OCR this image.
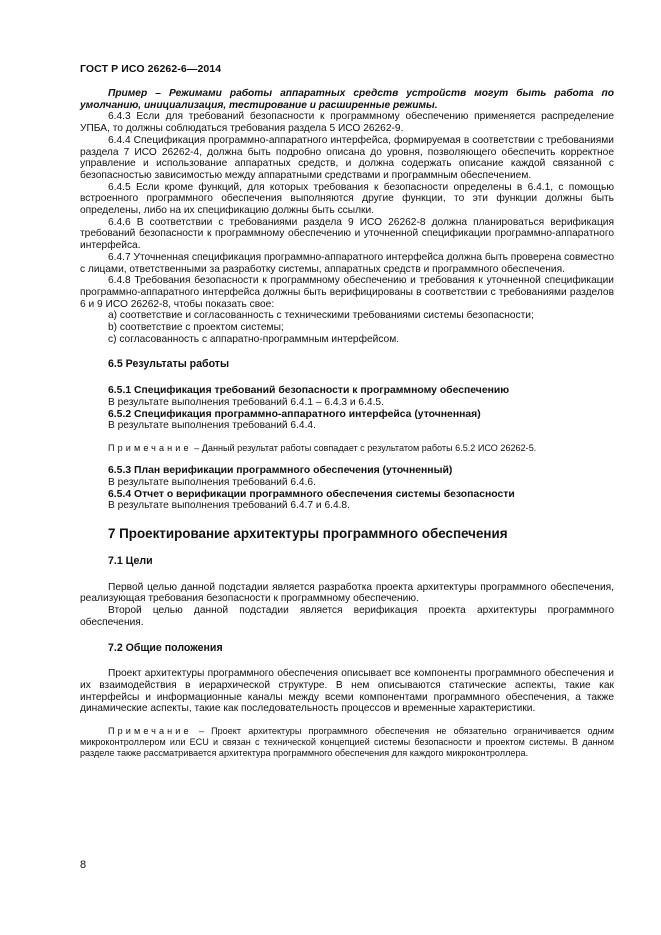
ГОСТ Р ИСО 26262-6—2014

Пример – Режимами работы аппаратных средств устройств могут быть работа по умолчанию, инициализация, тестирование и расширенные режимы.

6.4.3 Если для требований безопасности к программному обеспечению применяется распределение УПБА, то должны соблюдаться требования раздела 5 ИСО 26262-9.

6.4.4 Спецификация программно-аппаратного интерфейса, формируемая в соответствии с требованиями раздела 7 ИСО 26262-4, должна быть подробно описана до уровня, позволяющего обеспечить корректное управление и использование аппаратных средств, и должна содержать описание каждой связанной с безопасностью зависимостью между аппаратными средствами и программным обеспечением.

6.4.5 Если кроме функций, для которых требования к безопасности определены в 6.4.1, с помощью встроенного программного обеспечения выполняются другие функции, то эти функции должны быть определены, либо на их спецификацию должны быть ссылки.

6.4.6 В соответствии с требованиями раздела 9 ИСО 26262-8 должна планироваться верификация требований безопасности к программному обеспечению и уточненной спецификации программно-аппаратного интерфейса.

6.4.7 Уточненная спецификация программно-аппаратного интерфейса должна быть проверена совместно с лицами, ответственными за разработку системы, аппаратных средств и программного обеспечения.

6.4.8 Требования безопасности к программному обеспечению и требования к уточненной спецификации программно-аппаратного интерфейса должны быть верифицированы в соответствии с требованиями разделов 6 и 9 ИСО 26262-8, чтобы показать свое:

a) соответствие и согласованность с техническими требованиями системы безопасности;

b) соответствие с проектом системы;

c) согласованность с аппаратно-программным интерфейсом.

6.5 Результаты работы

6.5.1 Спецификация требований безопасности к программному обеспечению

В результате выполнения требований 6.4.1 – 6.4.3 и 6.4.5.

6.5.2 Спецификация программно-аппаратного интерфейса (уточненная)

В результате выполнения требований 6.4.4.

Примечание – Данный результат работы совпадает с результатом работы 6.5.2 ИСО 26262-5.

6.5.3 План верификации программного обеспечения (уточненный)

В результате выполнения требований 6.4.6.

6.5.4 Отчет о верификации программного обеспечения системы безопасности

В результате выполнения требований 6.4.7 и 6.4.8.

7 Проектирование архитектуры программного обеспечения

7.1 Цели

Первой целью данной подстадии является разработка проекта архитектуры программного обеспечения, реализующая требования безопасности к программному обеспечению.

Второй целью данной подстадии является верификация проекта архитектуры программного обеспечения.

7.2 Общие положения

Проект архитектуры программного обеспечения описывает все компоненты программного обеспечения и их взаимодействия в иерархической структуре. В нем описываются статические аспекты, такие как интерфейсы и информационные каналы между всеми компонентами программного обеспечения, а также динамические аспекты, такие как последовательность процессов и временные характеристики.

Примечание – Проект архитектуры программного обеспечения не обязательно ограничивается одним микроконтроллером или ECU и связан с технической концепцией системы безопасности и проектом системы. В данном разделе также рассматривается архитектура программного обеспечения для каждого микроконтроллера.

8
